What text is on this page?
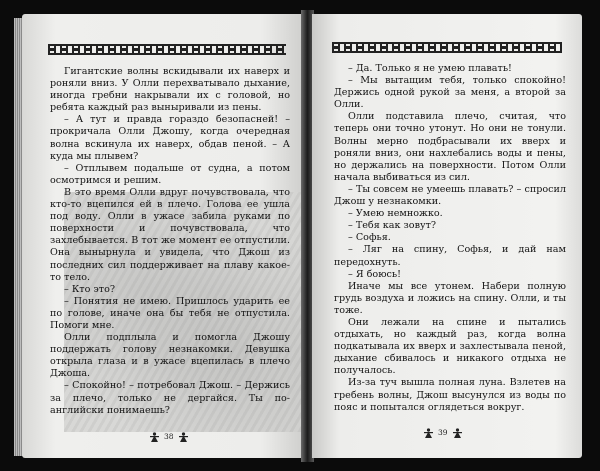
Гигантские волны вскидывали их наверх и роняли вниз. У Олли перехватывало дыхание, иногда гребни накрывали их с головой, но ребята каждый раз выныривали из пены.

– А тут и правда гораздо безопасней! – прокричала Олли Джошу, когда очередная волна вскинула их наверх, обдав пеной. – А куда мы плывем?

– Отплывем подальше от судна, а потом осмотримся и решим.

В это время Олли вдруг почувствовала, что кто-то вцепился ей в плечо. Голова ее ушла под воду. Олли в ужасе забила руками по поверхности и почувствовала, что захлебывается. В тот же момент ее отпустили. Она вынырнула и увидела, что Джош из последних сил поддерживает на плаву какое-то тело.

– Кто это?

– Понятия не имею. Пришлось ударить ее по голове, иначе она бы тебя не отпустила. Помоги мне.

Олли подплыла и помогла Джошу поддержать голову незнакомки. Девушка открыла глаза и в ужасе вцепилась в плечо Джоша.

– Спокойно! – потребовал Джош. – Держись за плечо, только не дергайся. Ты по-английски понимаешь?

38

– Да. Только я не умею плавать!

– Мы вытащим тебя, только спокойно! Держись одной рукой за меня, а второй за Олли.

Олли подставила плечо, считая, что теперь они точно утонут. Но они не тонули. Волны мерно подбрасывали их вверх и роняли вниз, они нахлебались воды и пены, но держались на поверхности. Потом Олли начала выбиваться из сил.

– Ты совсем не умеешь плавать? – спросил Джош у незнакомки.

– Умею немножко.

– Тебя как зовут?

– Софья.

– Ляг на спину, Софья, и дай нам передохнуть.

– Я боюсь!

Иначе мы все утонем. Набери полную грудь воздуха и ложись на спину. Олли, и ты тоже.

Они лежали на спине и пытались отдыхать, но каждый раз, когда волна подкатывала их вверх и захлестывала пеной, дыхание сбивалось и никакого отдыха не получалось.

Из-за туч вышла полная луна. Взлетев на гребень волны, Джош высунулся из воды по пояс и попытался оглядеться вокруг.

39
